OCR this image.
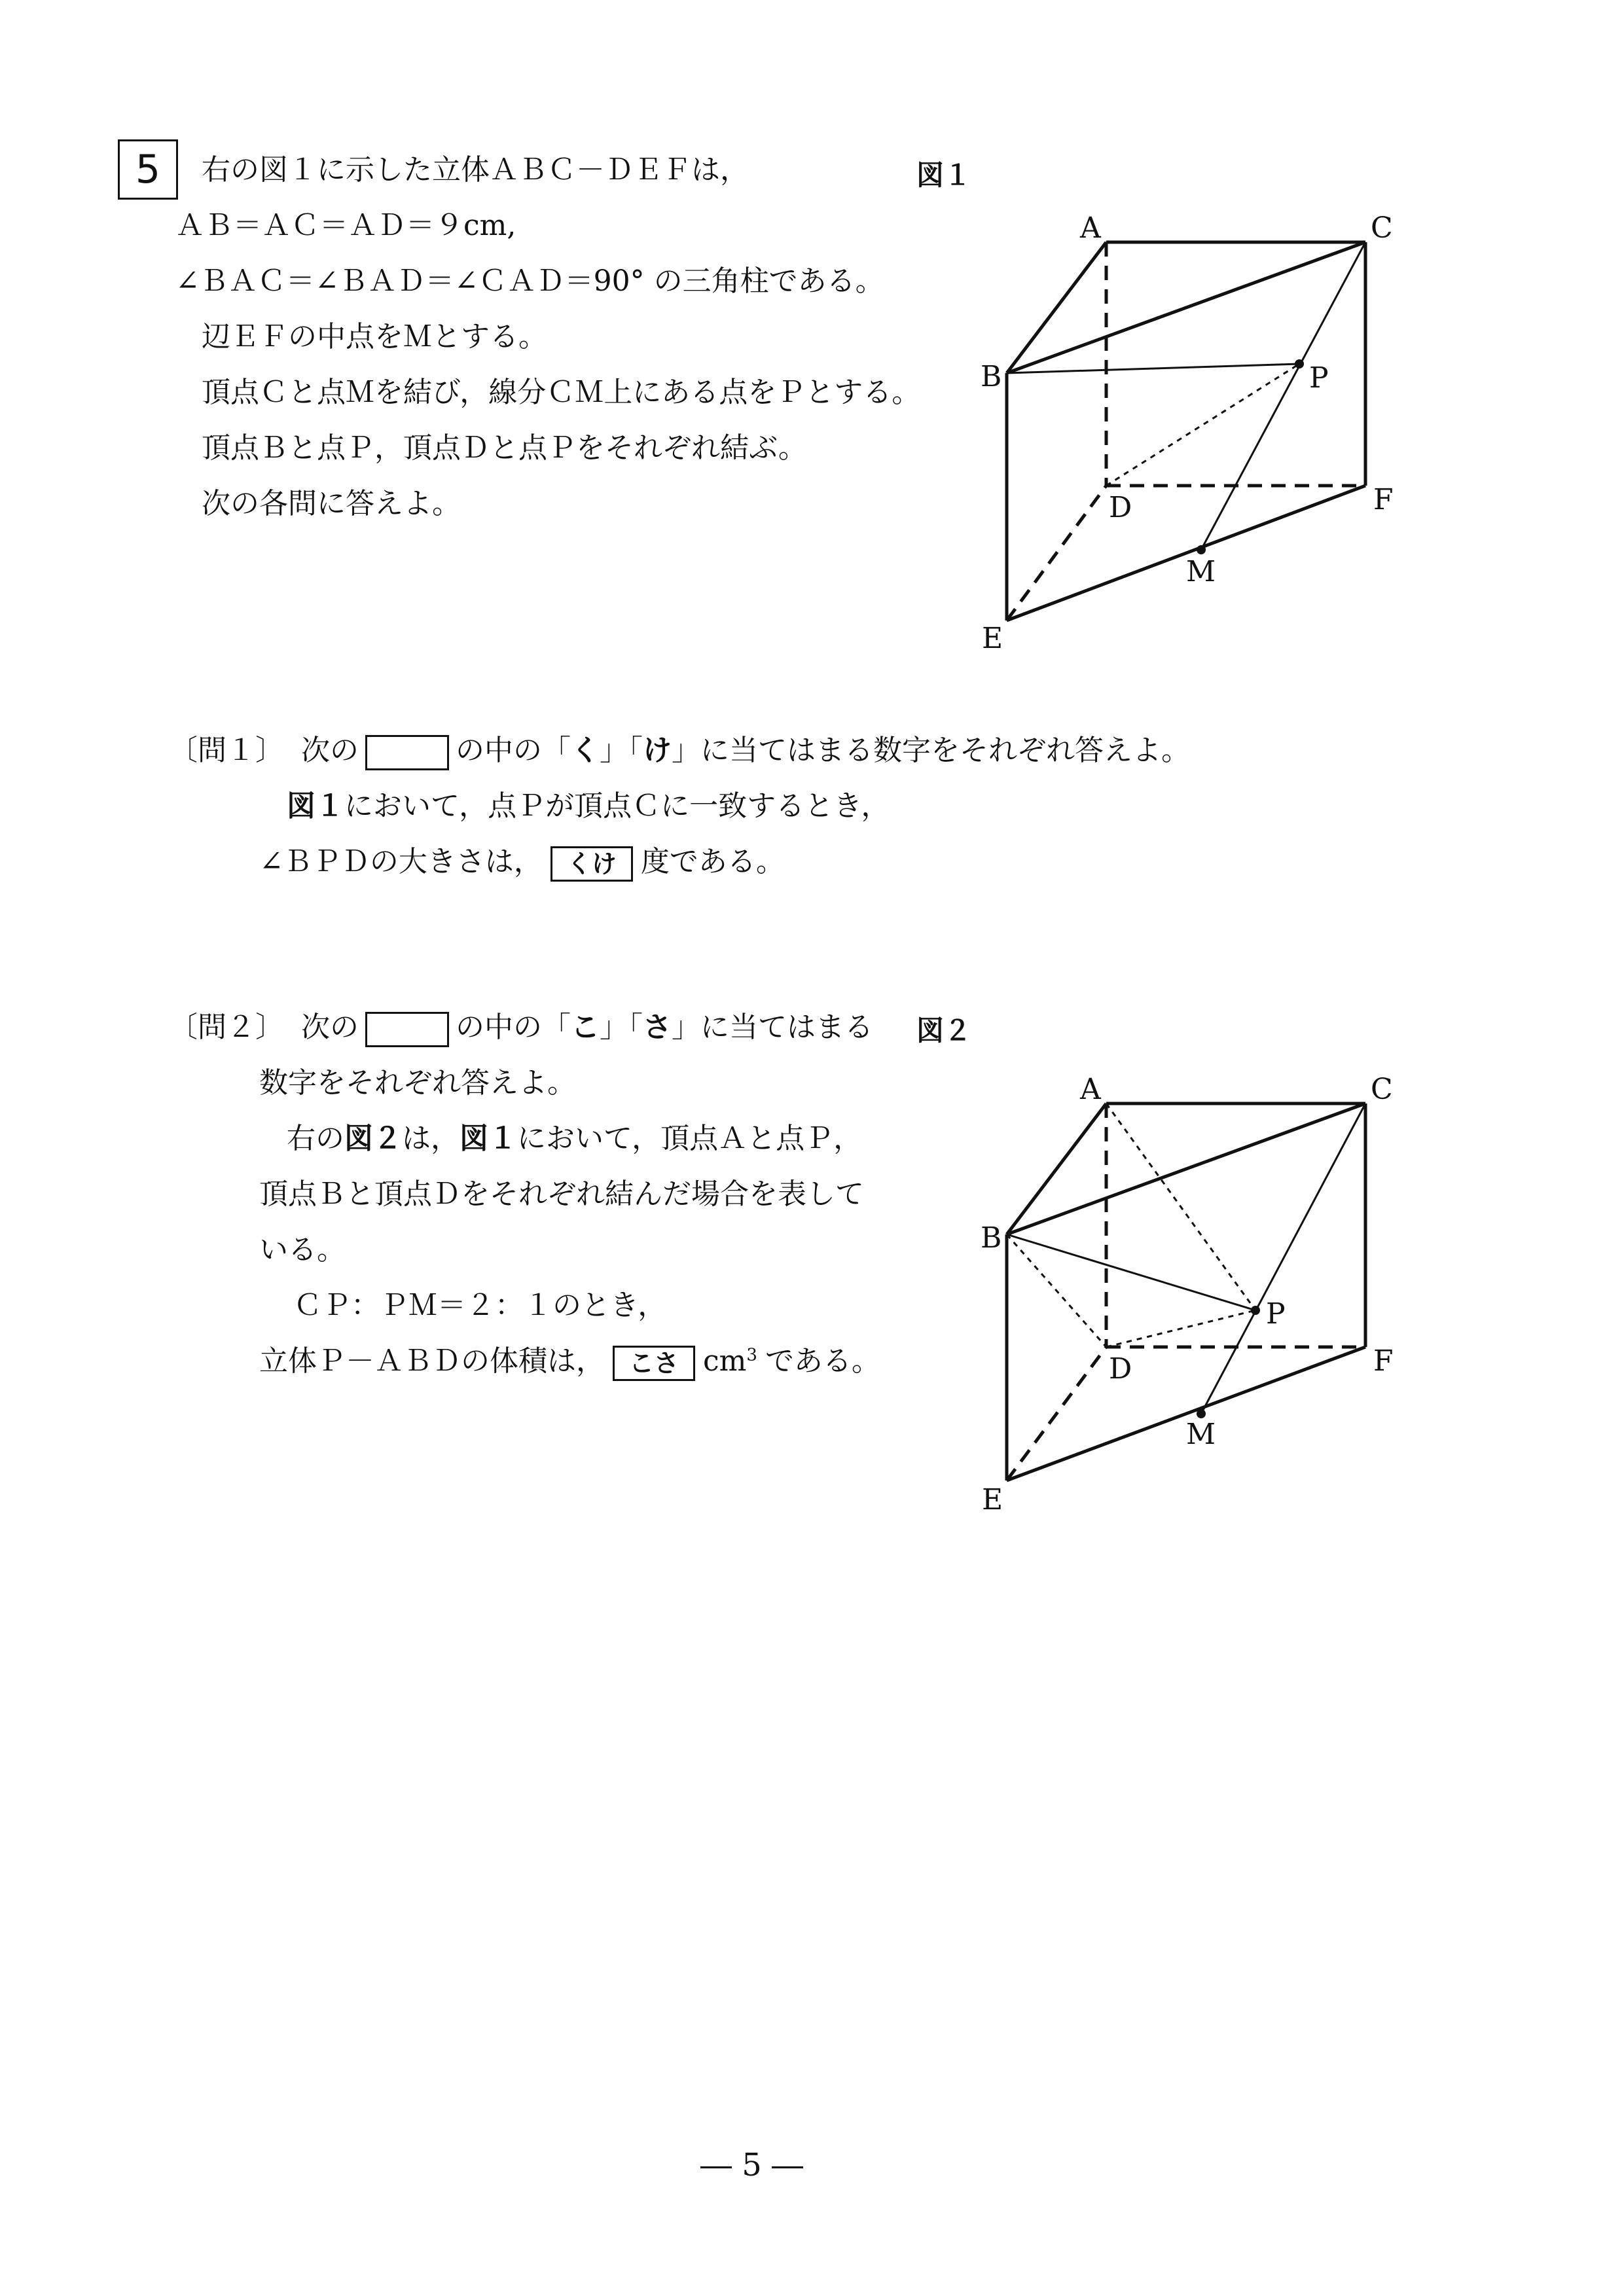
5	右の図１に示した立体ＡＢＣ－ＤＥＦは，
ＡＢ＝ＡＣ＝ＡＤ＝９cm,
∠ＢＡＣ＝∠ＢＡＤ＝∠ＣＡＤ＝90° の三角柱である。
辺ＥＦの中点をＭとする。
頂点Ｃと点Ｍを結び，線分ＣＭ上にある点をＰとする。
頂点Ｂと点Ｐ，頂点Ｄと点Ｐをそれぞれ結ぶ。
次の各問に答えよ。
図１
A	C
B	P
D	F
M
E
〔問１〕 次の	の中の「く」「け」に当てはまる数字をそれぞれ答えよ。
図１において，点Ｐが頂点Ｃに一致するとき，
∠ＢＰＤの大きさは， くけ 度である。
〔問２〕 次の	の中の「こ」「さ」に当てはまる
数字をそれぞれ答えよ。
右の図２は，図１において，頂点Ａと点Ｐ，
頂点Ｂと頂点Ｄをそれぞれ結んだ場合を表して
いる。
ＣＰ：ＰＭ＝２：１のとき，
立体Ｐ－ＡＢＤの体積は， こさ $cm^3$ である。
図２
A	C
B
P
D	F
M
E
― 5 ―
